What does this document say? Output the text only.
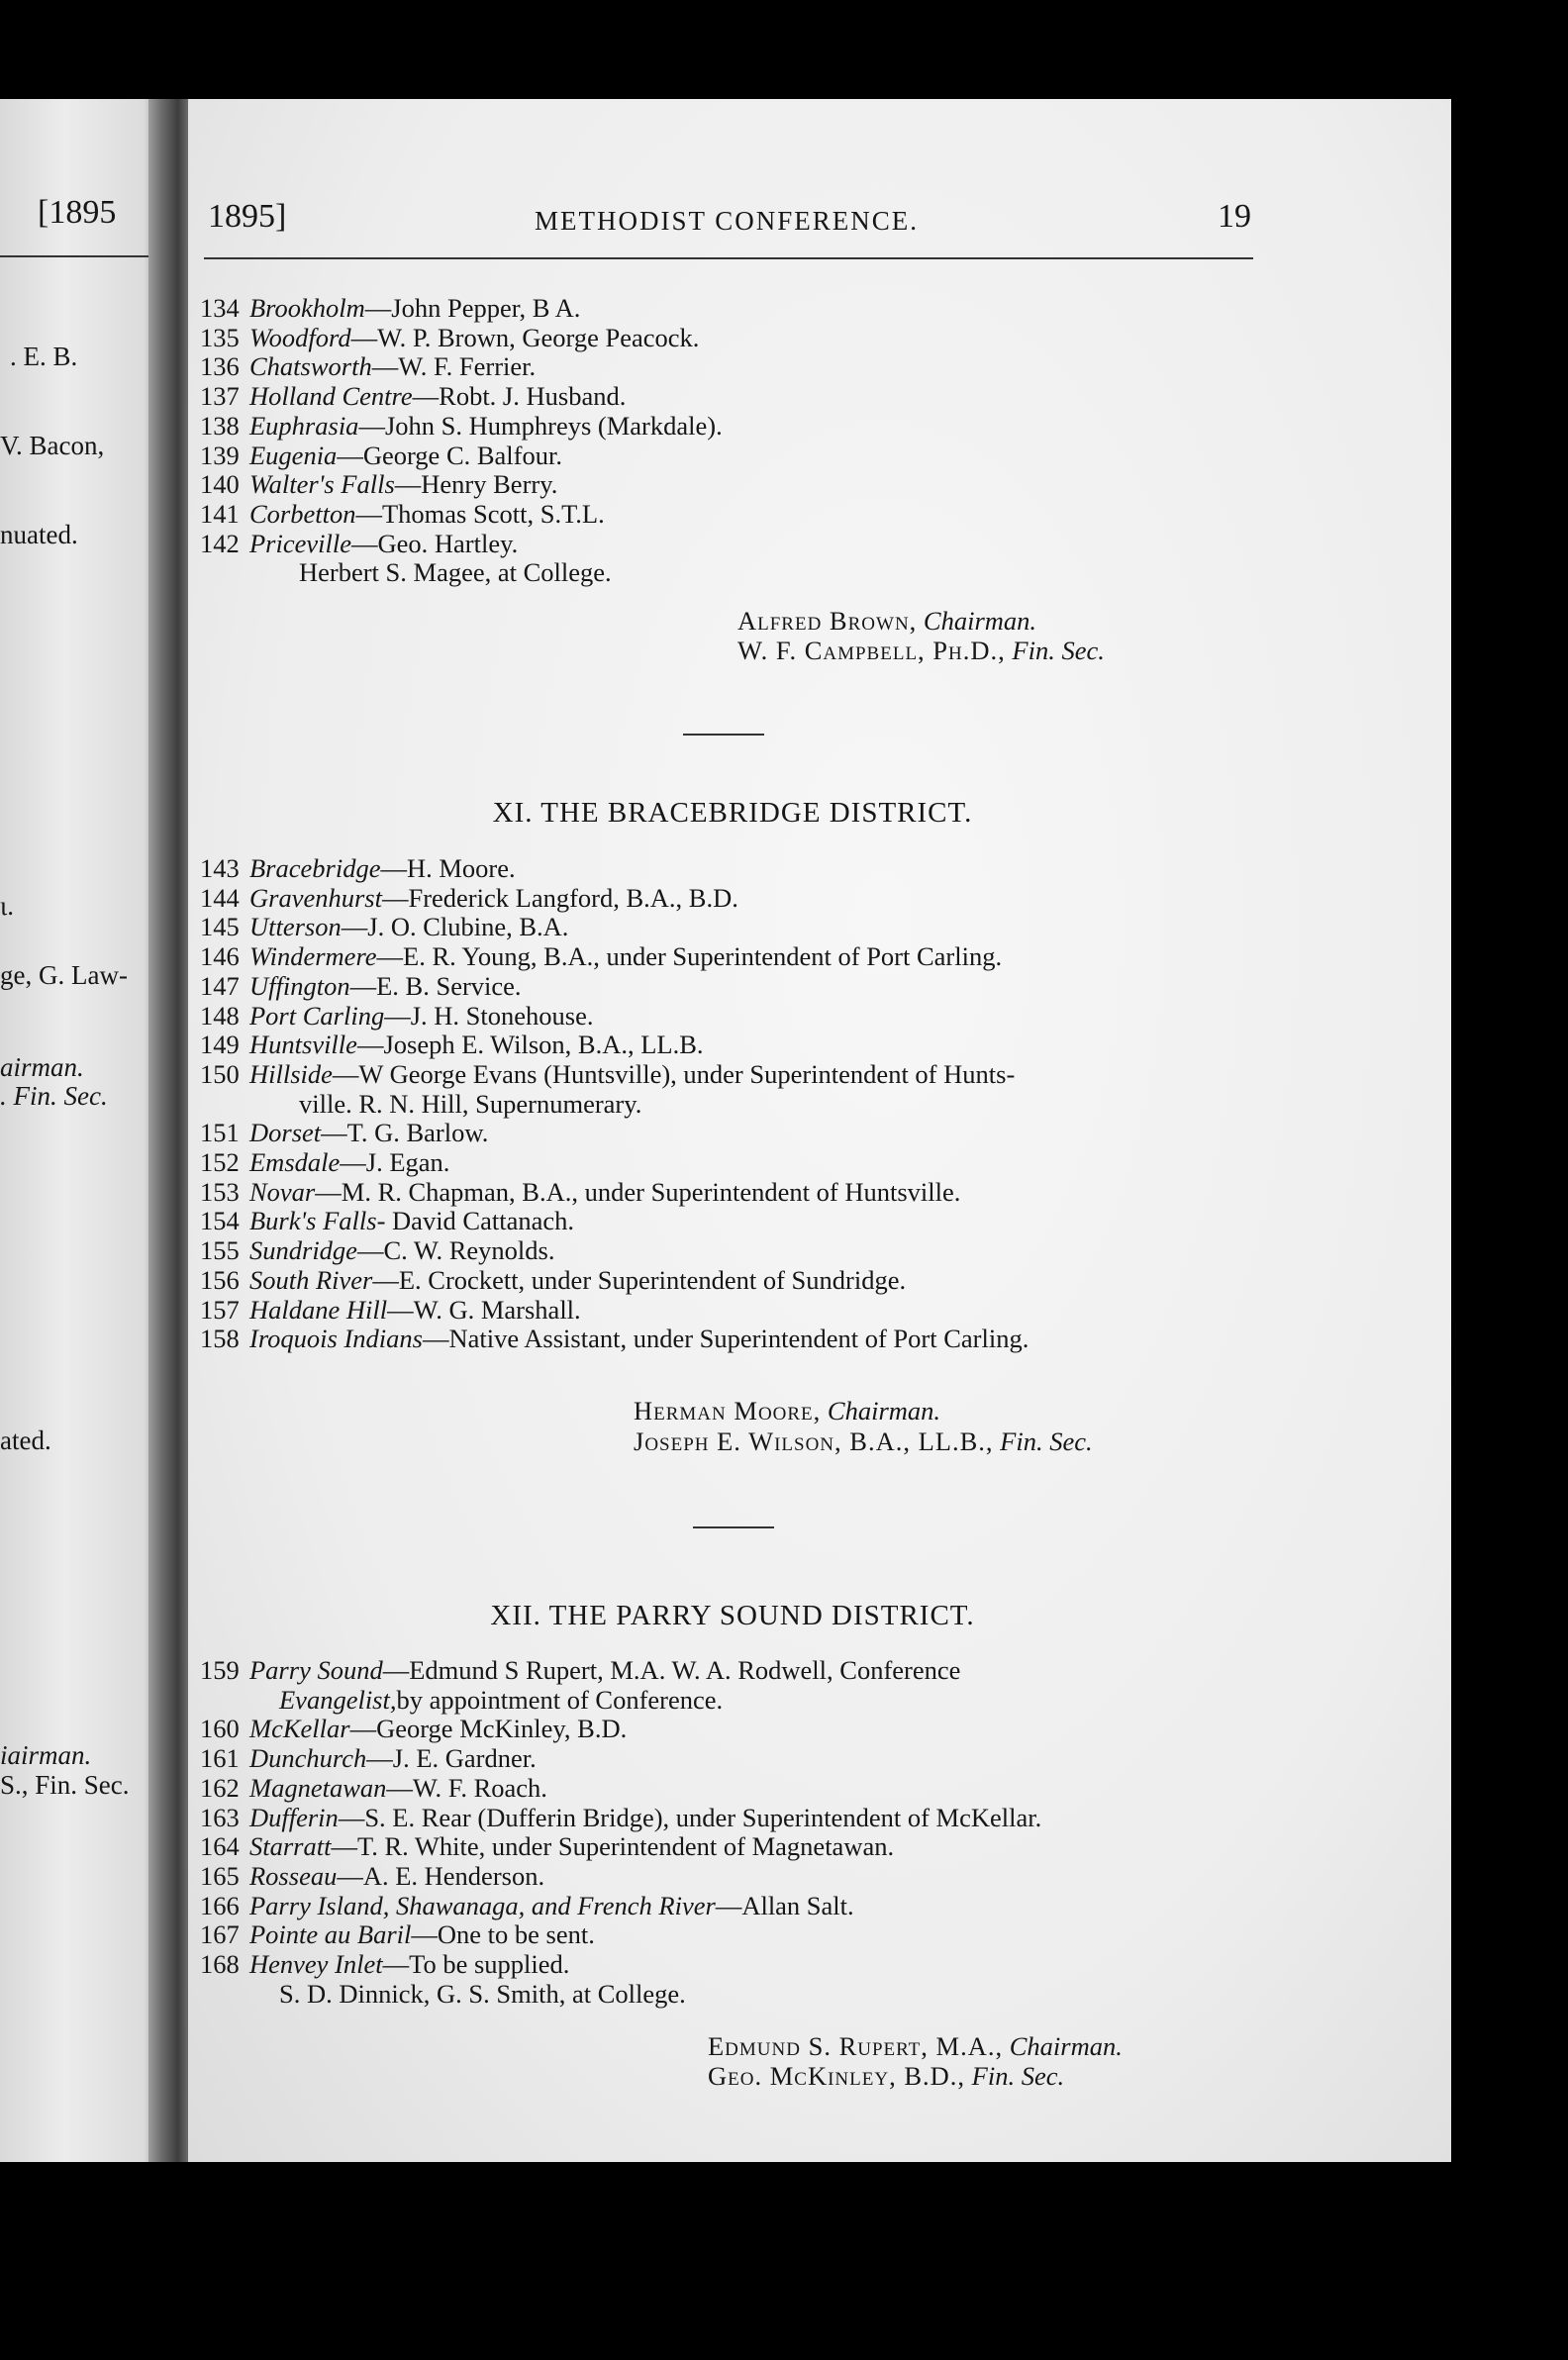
[1895
. E. B.
V. Bacon,
nuated.
ι.
ge, G. Law-
airman.
. Fin. Sec.
ated.
iairman.
S., Fin. Sec.
1895]	METHODIST CONFERENCE.	19
134 Brookholm —John Pepper, B A.
135 Woodford —W. P. Brown, George Peacock.
136 Chatsworth —W. F. Ferrier.
137 Holland Centre —Robt. J. Husband.
138 Euphrasia —John S. Humphreys (Markdale).
139 Eugenia —George C. Balfour.
140 Walter's Falls —Henry Berry.
141 Corbetton —Thomas Scott, S.T.L.
142 Priceville —Geo. Hartley.
Herbert S. Magee, at College.
Alfred Brown, Chairman.
W. F. Campbell, Ph.D., Fin. Sec.
XI. THE BRACEBRIDGE DISTRICT.
143 Bracebridge —H. Moore.
144 Gravenhurst —Frederick Langford, B.A., B.D.
145 Utterson —J. O. Clubine, B.A.
146 Windermere —E. R. Young, B.A., under Superintendent of Port Carling.
147 Uffington —E. B. Service.
148 Port Carling —J. H. Stonehouse.
149 Huntsville —Joseph E. Wilson, B.A., LL.B.
150 Hillside —W George Evans (Huntsville), under Superintendent of Hunts-
ville. R. N. Hill, Supernumerary.
151 Dorset —T. G. Barlow.
152 Emsdale —J. Egan.
153 Novar —M. R. Chapman, B.A., under Superintendent of Huntsville.
154 Burk's Falls - David Cattanach.
155 Sundridge —C. W. Reynolds.
156 South River —E. Crockett, under Superintendent of Sundridge.
157 Haldane Hill —W. G. Marshall.
158 Iroquois Indians —Native Assistant, under Superintendent of Port Carling.
Herman Moore, Chairman.
Joseph E. Wilson, B.A., LL.B., Fin. Sec.
XII. THE PARRY SOUND DISTRICT.
159 Parry Sound —Edmund S Rupert, M.A. W. A. Rodwell, Conference
Evangelist, by appointment of Conference.
160 McKellar —George McKinley, B.D.
161 Dunchurch —J. E. Gardner.
162 Magnetawan —W. F. Roach.
163 Dufferin —S. E. Rear (Dufferin Bridge), under Superintendent of McKellar.
164 Starratt —T. R. White, under Superintendent of Magnetawan.
165 Rosseau —A. E. Henderson.
166 Parry Island, Shawanaga, and French River —Allan Salt.
167 Pointe au Baril —One to be sent.
168 Henvey Inlet —To be supplied.
S. D. Dinnick, G. S. Smith, at College.
Edmund S. Rupert, M.A., Chairman.
Geo. McKinley, B.D., Fin. Sec.
